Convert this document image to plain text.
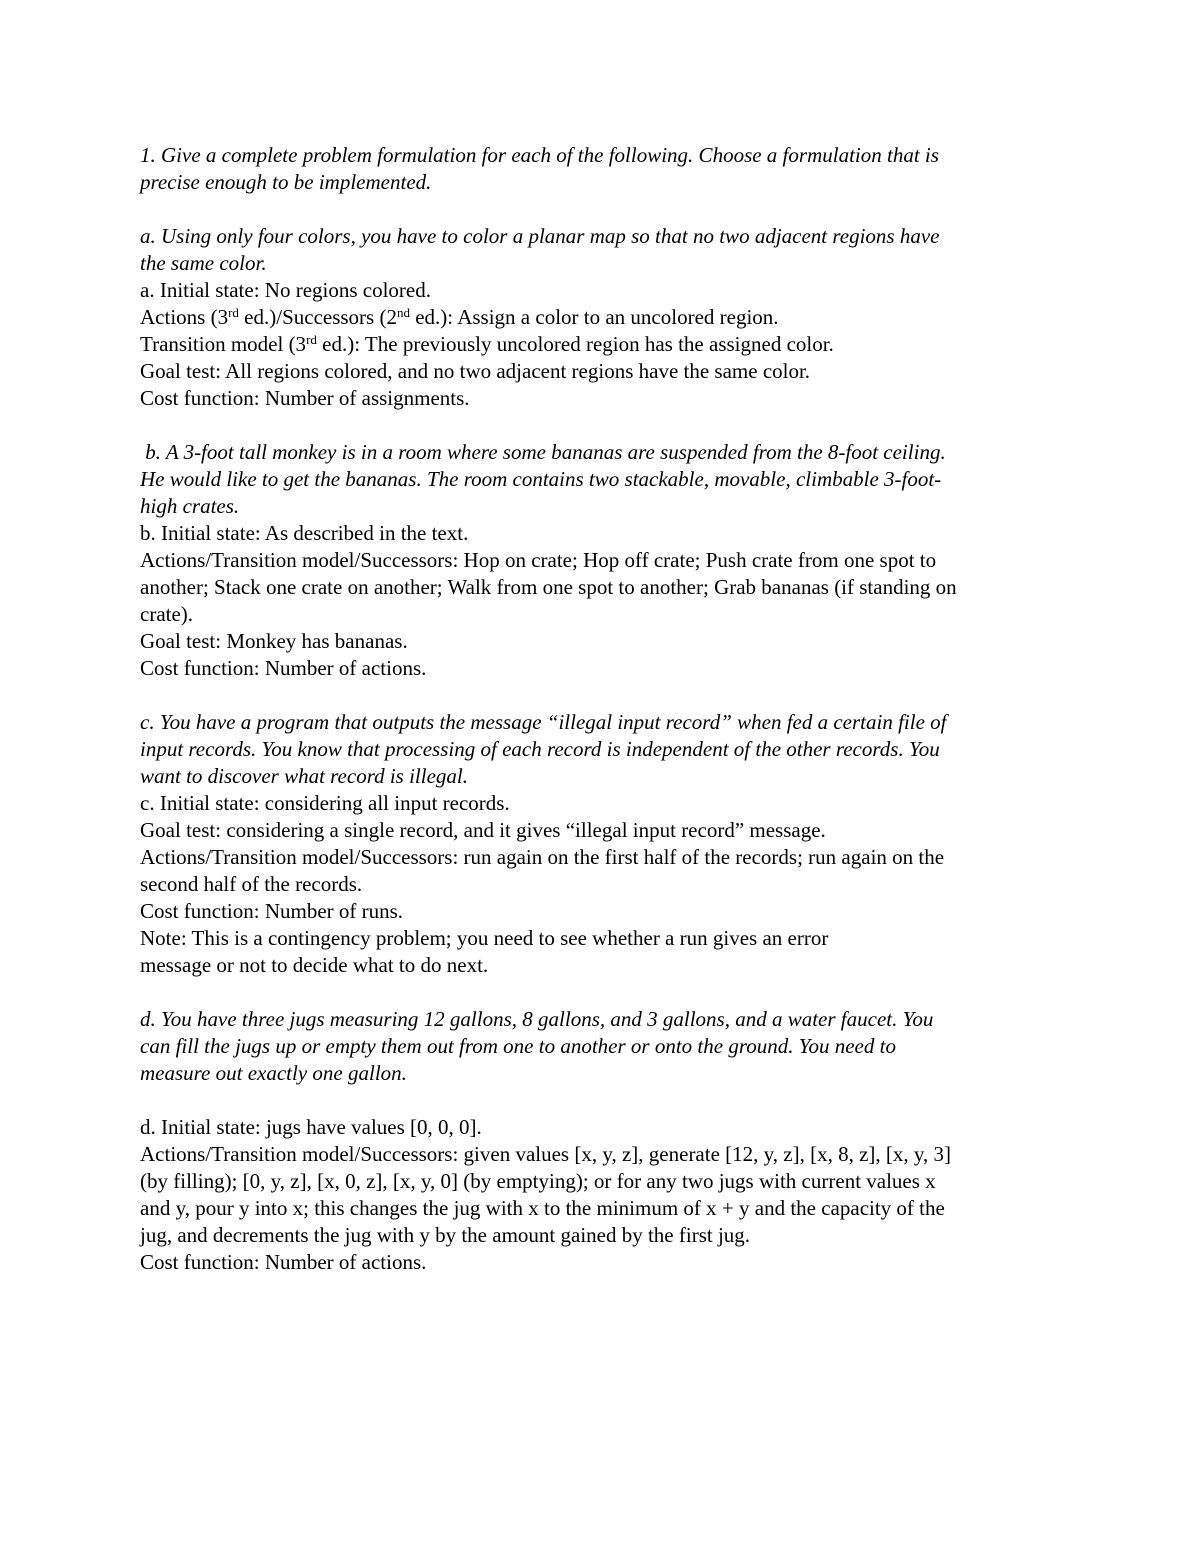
1. Give a complete problem formulation for each of the following. Choose a formulation that is
precise enough to be implemented.
a. Using only four colors, you have to color a planar map so that no two adjacent regions have
the same color.
a. Initial state: No regions colored.
Actions (3rd ed.)/Successors (2nd ed.): Assign a color to an uncolored region.
Transition model (3rd ed.): The previously uncolored region has the assigned color.
Goal test: All regions colored, and no two adjacent regions have the same color.
Cost function: Number of assignments.
b. A 3-foot tall monkey is in a room where some bananas are suspended from the 8-foot ceiling.
He would like to get the bananas. The room contains two stackable, movable, climbable 3-foot-
high crates.
b. Initial state: As described in the text.
Actions/Transition model/Successors: Hop on crate; Hop off crate; Push crate from one spot to
another; Stack one crate on another; Walk from one spot to another; Grab bananas (if standing on
crate).
Goal test: Monkey has bananas.
Cost function: Number of actions.
c. You have a program that outputs the message “illegal input record” when fed a certain file of
input records. You know that processing of each record is independent of the other records. You
want to discover what record is illegal.
c. Initial state: considering all input records.
Goal test: considering a single record, and it gives “illegal input record” message.
Actions/Transition model/Successors: run again on the first half of the records; run again on the
second half of the records.
Cost function: Number of runs.
Note: This is a contingency problem; you need to see whether a run gives an error
message or not to decide what to do next.
d. You have three jugs measuring 12 gallons, 8 gallons, and 3 gallons, and a water faucet. You
can fill the jugs up or empty them out from one to another or onto the ground. You need to
measure out exactly one gallon.
d. Initial state: jugs have values [0, 0, 0].
Actions/Transition model/Successors: given values [x, y, z], generate [12, y, z], [x, 8, z], [x, y, 3]
(by filling); [0, y, z], [x, 0, z], [x, y, 0] (by emptying); or for any two jugs with current values x
and y, pour y into x; this changes the jug with x to the minimum of x + y and the capacity of the
jug, and decrements the jug with y by the amount gained by the first jug.
Cost function: Number of actions.
